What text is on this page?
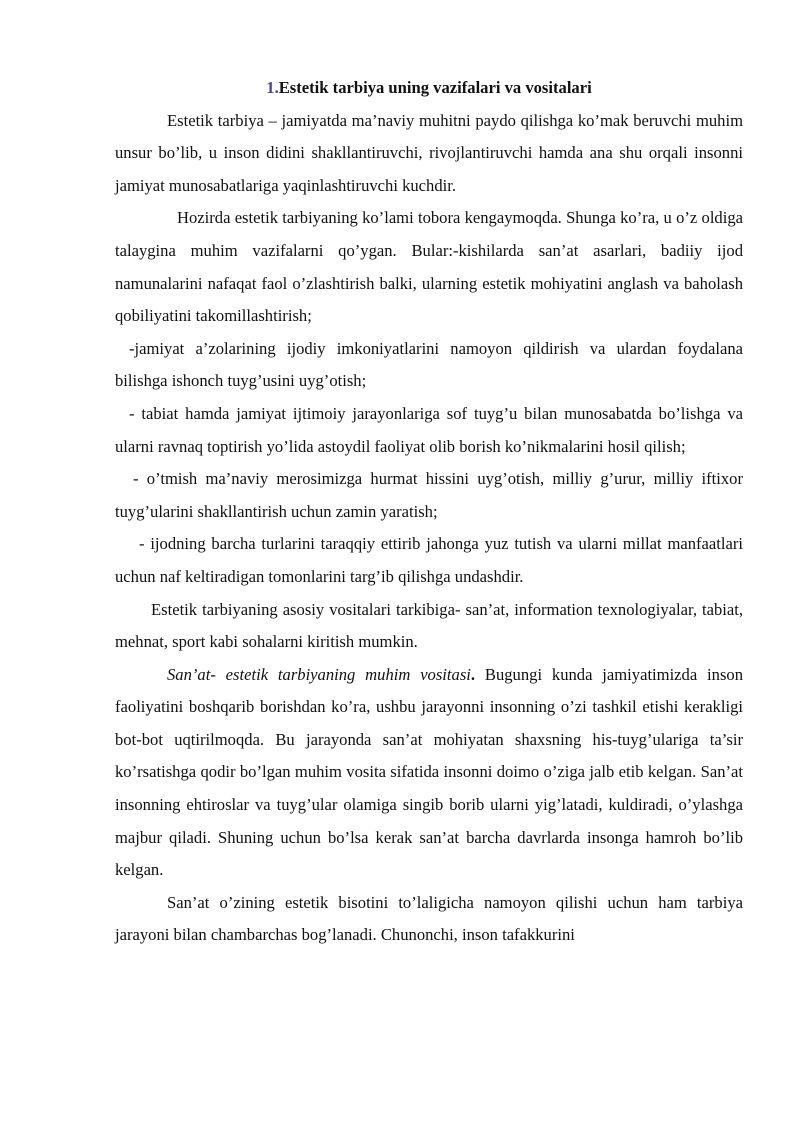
1.Estetik tarbiya uning vazifalari va vositalari

Estetik tarbiya – jamiyatda ma’naviy muhitni paydo qilishga ko’mak beruvchi muhim unsur bo’lib, u inson didini shakllantiruvchi, rivojlantiruvchi hamda ana shu orqali insonni jamiyat munosabatlariga yaqinlashtiruvchi kuchdir.

Hozirda estetik tarbiyaning ko’lami tobora kengaymoqda. Shunga ko’ra, u o’z oldiga talaygina muhim vazifalarni qo’ygan. Bular:-kishilarda san’at asarlari, badiiy ijod namunalarini nafaqat faol o’zlashtirish balki, ularning estetik mohiyatini anglash va baholash qobiliyatini takomillashtirish;

-jamiyat a’zolarining ijodiy imkoniyatlarini namoyon qildirish va ulardan foydalana bilishga ishonch tuyg’usini uyg’otish;

- tabiat hamda jamiyat ijtimoiy jarayonlariga sof tuyg’u bilan munosabatda bo’lishga va ularni ravnaq toptirish yo’lida astoydil faoliyat olib borish ko’nikmalarini hosil qilish;

- o’tmish ma’naviy merosimizga hurmat hissini uyg’otish, milliy g’urur, milliy iftixor tuyg’ularini shakllantirish uchun zamin yaratish;

- ijodning barcha turlarini taraqqiy ettirib jahonga yuz tutish va ularni millat manfaatlari uchun naf keltiradigan tomonlarini targ’ib qilishga undashdir.

Estetik tarbiyaning asosiy vositalari tarkibiga- san’at, information texnologiyalar, tabiat, mehnat, sport kabi sohalarni kiritish mumkin.

San’at- estetik tarbiyaning muhim vositasi. Bugungi kunda jamiyatimizda inson faoliyatini boshqarib borishdan ko’ra, ushbu jarayonni insonning o’zi tashkil etishi kerakligi bot-bot uqtirilmoqda. Bu jarayonda san’at mohiyatan shaxsning his-tuyg’ulariga ta’sir ko’rsatishga qodir bo’lgan muhim vosita sifatida insonni doimo o’ziga jalb etib kelgan. San’at insonning ehtiroslar va tuyg’ular olamiga singib borib ularni yig’latadi, kuldiradi, o’ylashga majbur qiladi. Shuning uchun bo’lsa kerak san’at barcha davrlarda insonga hamroh bo’lib kelgan.

San’at o’zining estetik bisotini to’laligicha namoyon qilishi uchun ham tarbiya jarayoni bilan chambarchas bog’lanadi. Chunonchi, inson tafakkurini
